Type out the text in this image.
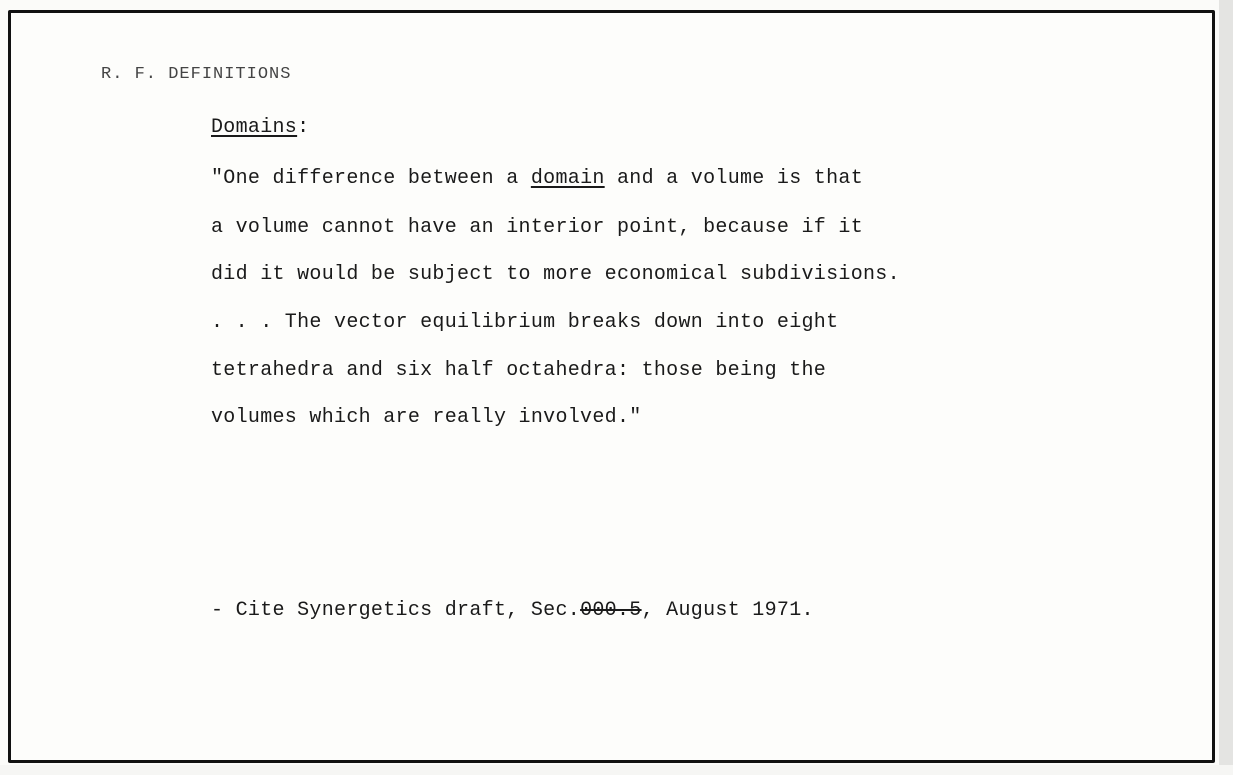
R. F. DEFINITIONS
Domains:
"One difference between a domain and a volume is that
a volume cannot have an interior point, because if it
did it would be subject to more economical subdivisions.
. . . The vector equilibrium breaks down into eight
tetrahedra and six half octahedra: those being the
volumes which are really involved."
- Cite Synergetics draft, Sec.000.5, August 1971.
